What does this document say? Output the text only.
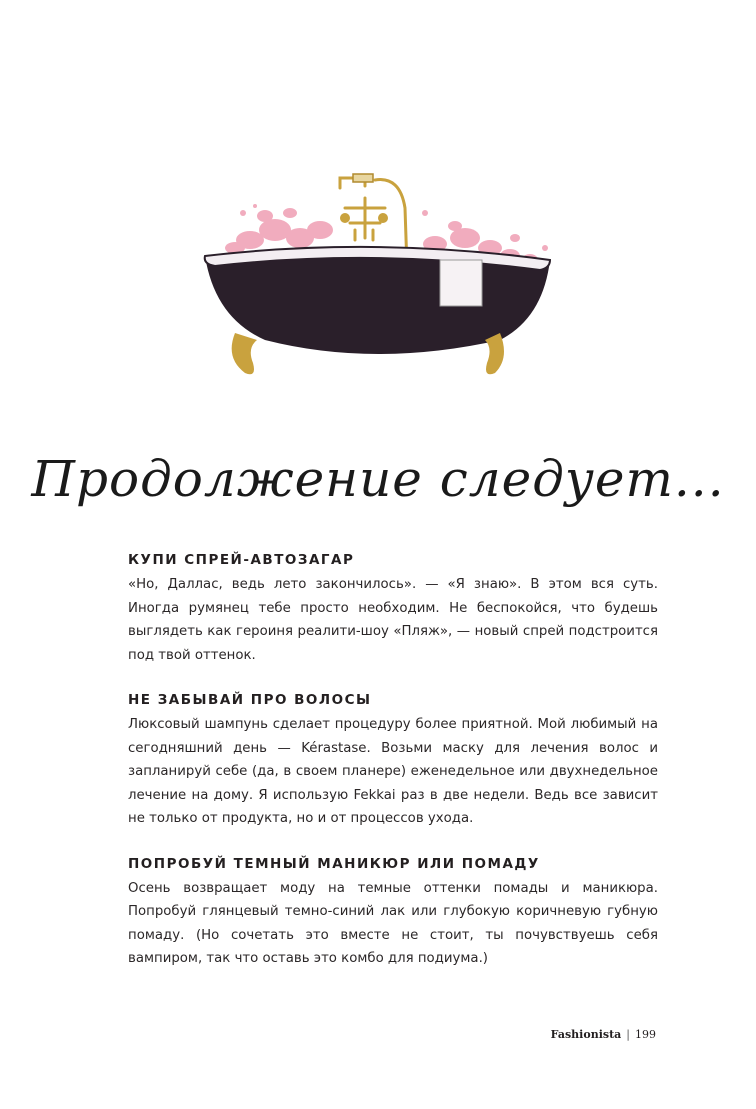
Продолжение следует...
КУПИ СПРЕЙ-АВТОЗАГАР

«Но, Даллас, ведь лето закончилось». — «Я знаю». В этом вся суть. Иногда румянец тебе просто необходим. Не беспокойся, что будешь выглядеть как героиня реалити-шоу «Пляж», — новый спрей подстроится под твой оттенок.

НЕ ЗАБЫВАЙ ПРО ВОЛОСЫ

Люксовый шампунь сделает процедуру более приятной. Мой любимый на сегодняшний день — Kérastase. Возьми маску для лечения волос и запланируй себе (да, в своем планере) еженедельное или двухнедельное лечение на дому. Я использую Fekkai раз в две недели. Ведь все зависит не только от продукта, но и от процессов ухода.

ПОПРОБУЙ ТЕМНЫЙ МАНИКЮР ИЛИ ПОМАДУ

Осень возвращает моду на темные оттенки помады и маникюра. Попробуй глянцевый темно-синий лак или глубокую коричневую губную помаду. (Но сочетать это вместе не стоит, ты почувствуешь себя вампиром, так что оставь это комбо для подиума.)

Fashionista | 199
